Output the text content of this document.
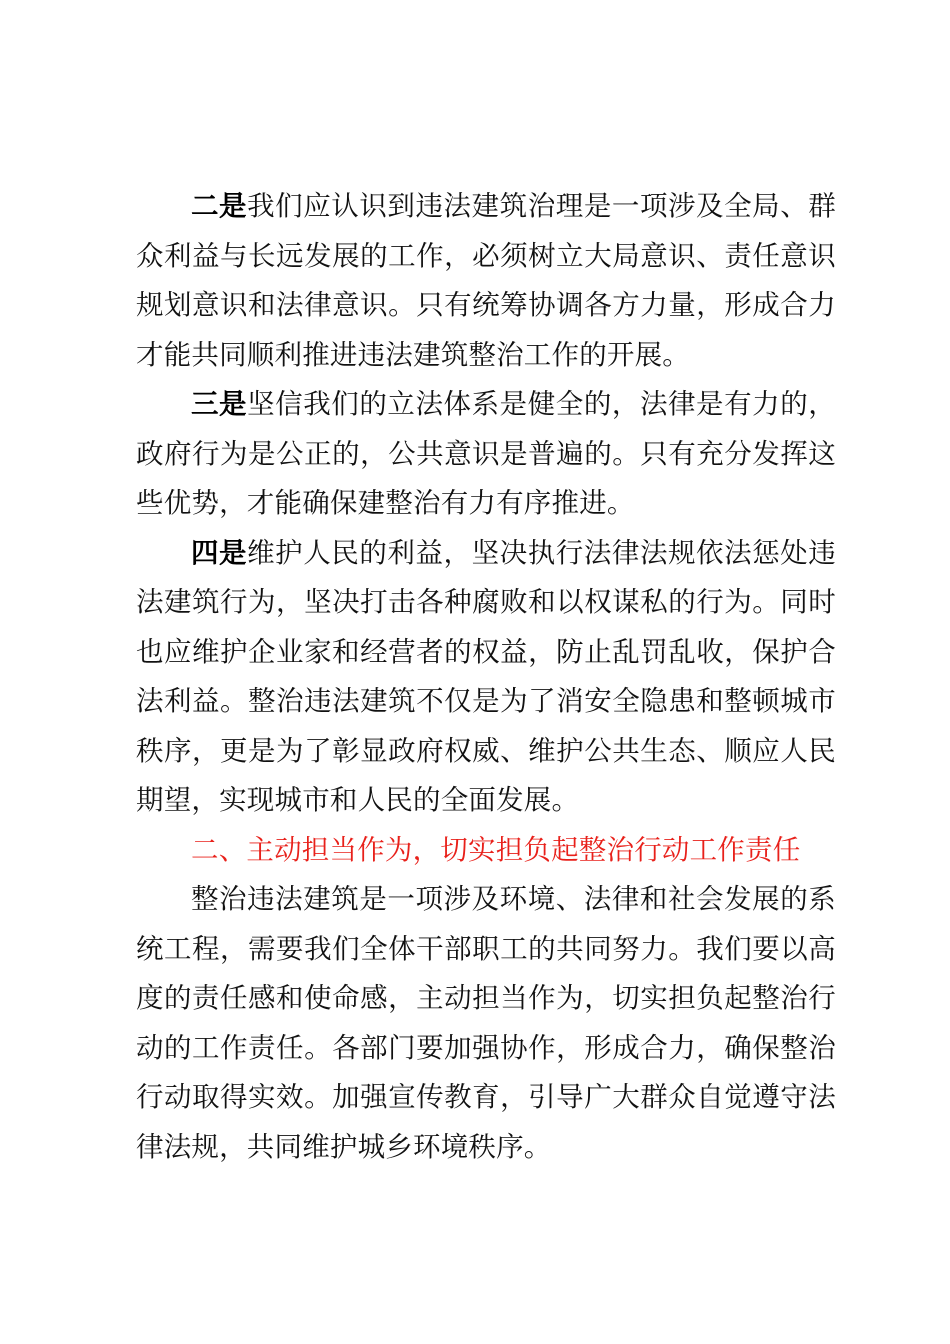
二是我们应认识到违法建筑治理是一项涉及全局、群众利益与长远发展的工作，必须树立大局意识、责任意识规划意识和法律意识。只有统筹协调各方力量，形成合力才能共同顺利推进违法建筑整治工作的开展。

三是坚信我们的立法体系是健全的，法律是有力的，政府行为是公正的，公共意识是普遍的。只有充分发挥这些优势，才能确保建整治有力有序推进。

四是维护人民的利益，坚决执行法律法规依法惩处违法建筑行为，坚决打击各种腐败和以权谋私的行为。同时也应维护企业家和经营者的权益，防止乱罚乱收，保护合法利益。整治违法建筑不仅是为了消安全隐患和整顿城市秩序，更是为了彰显政府权威、维护公共生态、顺应人民期望，实现城市和人民的全面发展。

二、主动担当作为，切实担负起整治行动工作责任

整治违法建筑是一项涉及环境、法律和社会发展的系统工程，需要我们全体干部职工的共同努力。我们要以高度的责任感和使命感，主动担当作为，切实担负起整治行动的工作责任。各部门要加强协作，形成合力，确保整治行动取得实效。加强宣传教育，引导广大群众自觉遵守法律法规，共同维护城乡环境秩序。
